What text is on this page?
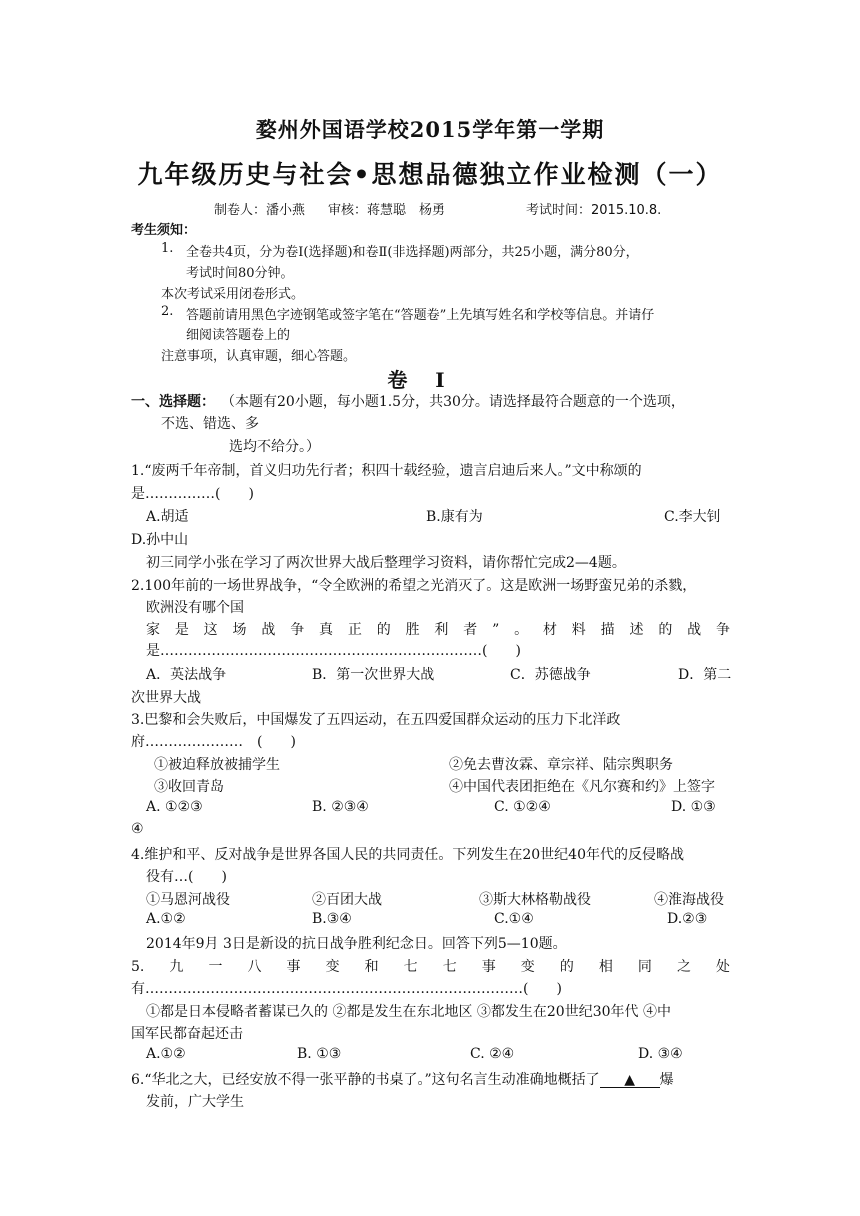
婺州外国语学校2015学年第一学期
九年级历史与社会•思想品德独立作业检测（一）
制卷人：潘小燕 审核：蒋慧聪　杨勇	考试时间：2015.10.8.
考生须知：
1. 全卷共4页，分为卷Ⅰ(选择题)和卷Ⅱ(非选择题)两部分，共25小题，满分80分，
考试时间80分钟。
本次考试采用闭卷形式。
2. 答题前请用黑色字迹钢笔或签字笔在“答题卷”上先填写姓名和学校等信息。并请仔
细阅读答题卷上的
注意事项，认真审题，细心答题。
卷Ⅰ
一、选择题： （本题有20小题，每小题1.5分，共30分。请选择最符合题意的一个选项，
不选、错选、多
选均不给分。）
1.“废两千年帝制，首义归功先行者；积四十载经验，遗言启迪后来人。”文中称颂的
是……………(　　)
A.胡适	B.康有为	C.李大钊
D.孙中山
初三同学小张在学习了两次世界大战后整理学习资料，请你帮忙完成2—4题。
2.100年前的一场世界战争，“令全欧洲的希望之光消灭了。这是欧洲一场野蛮兄弟的杀戮，
欧洲没有哪个国
家是这场战争真正的胜利者”。材料描述的战争
是……………………………………………………………(　　)
A．英法战争	B．第一次世界大战	C．苏德战争	D．第二
次世界大战
3.巴黎和会失败后，中国爆发了五四运动，在五四爱国群众运动的压力下北洋政
府…………………　(　　)
①被迫释放被捕学生	②免去曹汝霖、章宗祥、陆宗舆职务
③收回青岛	④中国代表团拒绝在《凡尔赛和约》上签字
A. ①②③	B. ②③④	C. ①②④	D. ①③
④
4.维护和平、反对战争是世界各国人民的共同责任。下列发生在20世纪40年代的反侵略战
役有…(　　)
①马恩河战役	②百团大战	③斯大林格勒战役	④淮海战役
A.①②	B.③④	C.①④	D.②③
2014年9月 3日是新设的抗日战争胜利纪念日。回答下列5—10题。
5.九一八事变和七七事变的相同之处
有………………………………………………………………………(　　)
①都是日本侵略者蓄谋已久的 ②都是发生在东北地区 ③都发生在20世纪30年代 ④中
国军民都奋起还击
A.①②	B. ①③	C. ②④	D. ③④
6.“华北之大，已经安放不得一张平静的书桌了。”这句名言生动准确地概括了 ▲ 爆
发前，广大学生
